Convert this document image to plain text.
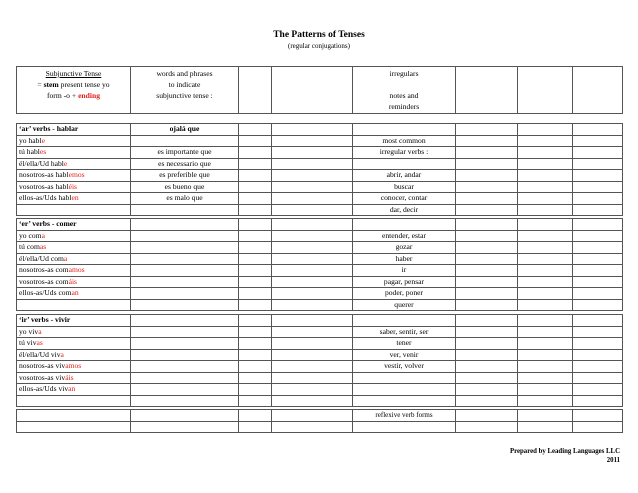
The Patterns of Tenses
(regular conjugations)
Subjunctive Tense
= stem present tense yo
form -o + ending

words and phrases
to indicate
subjunctive tense :

irregulars
notes and
reminders

‘ar’ verbs - hablar	ojalá que						
yo hable				most common			
tú hables	es importante que			irregular verbs :			
él/ella/Ud hable	es necessario que						
nosotros-as hablemos	es preferible que			abrir, andar			
vosotros-as habléis	es bueno que			buscar			
ellos-as/Uds hablen	es malo que			conocer, contar			
				dar, decir			
‘er’ verbs - comer							
yo coma				entender, estar			
tú comas				gozar			
él/ella/Ud coma				haber			
nosotros-as comamos				ir			
vosotros-as comáis				pagar, pensar			
ellos-as/Uds coman				poder, poner			
				querer			
‘ir’ verbs - vivir							
yo viva				saber, sentir, ser			
tú vivas				tener			
él/ella/Ud viva				ver, venir			
nosotros-as vivamos				vestir, volver			
vosotros-as viváis							
ellos-as/Uds vivan							

				reflexive verb forms			

Prepared by Leading Languages LLC
2011
